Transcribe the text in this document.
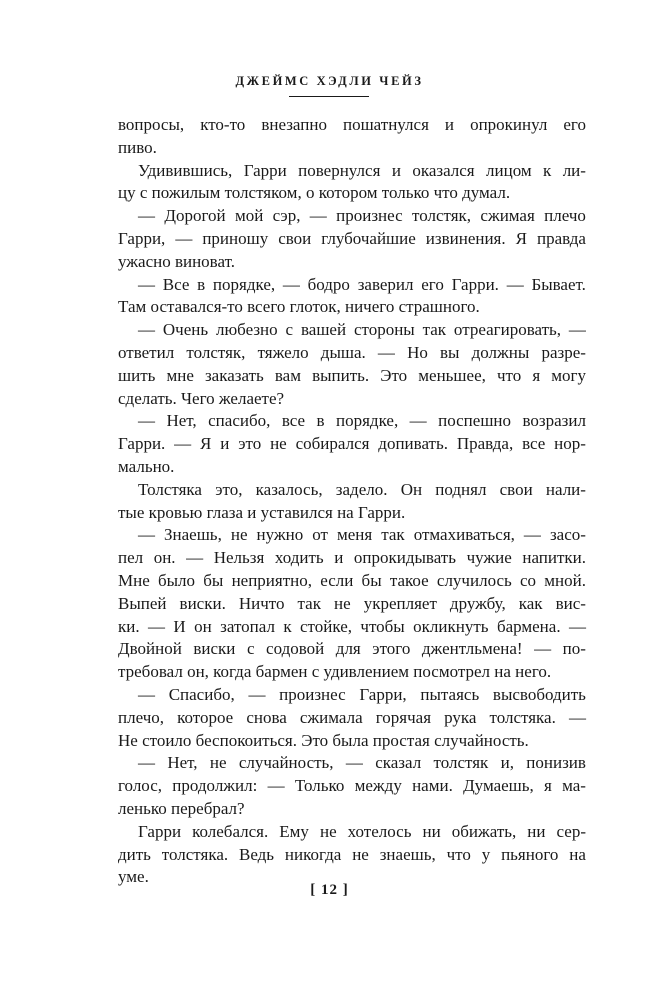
ДЖЕЙМС ХЭДЛИ ЧЕЙЗ
вопросы, кто-то внезапно пошатнулся и опрокинул его
пиво.
Удивившись, Гарри повернулся и оказался лицом к ли-
цу с пожилым толстяком, о котором только что думал.
— Дорогой мой сэр, — произнес толстяк, сжимая плечо
Гарри, — приношу свои глубочайшие извинения. Я правда
ужасно виноват.
— Все в порядке, — бодро заверил его Гарри. — Бывает.
Там оставался-то всего глоток, ничего страшного.
— Очень любезно с вашей стороны так отреагировать, —
ответил толстяк, тяжело дыша. — Но вы должны разре-
шить мне заказать вам выпить. Это меньшее, что я могу
сделать. Чего желаете?
— Нет, спасибо, все в порядке, — поспешно возразил
Гарри. — Я и это не собирался допивать. Правда, все нор-
мально.
Толстяка это, казалось, задело. Он поднял свои нали-
тые кровью глаза и уставился на Гарри.
— Знаешь, не нужно от меня так отмахиваться, — засо-
пел он. — Нельзя ходить и опрокидывать чужие напитки.
Мне было бы неприятно, если бы такое случилось со мной.
Выпей виски. Ничто так не укрепляет дружбу, как вис-
ки. — И он затопал к стойке, чтобы окликнуть бармена. —
Двойной виски с содовой для этого джентльмена! — по-
требовал он, когда бармен с удивлением посмотрел на него.
— Спасибо, — произнес Гарри, пытаясь высвободить
плечо, которое снова сжимала горячая рука толстяка. —
Не стоило беспокоиться. Это была простая случайность.
— Нет, не случайность, — сказал толстяк и, понизив
голос, продолжил: — Только между нами. Думаешь, я ма-
ленько перебрал?
Гарри колебался. Ему не хотелось ни обижать, ни сер-
дить толстяка. Ведь никогда не знаешь, что у пьяного на
уме.
[ 12 ]
